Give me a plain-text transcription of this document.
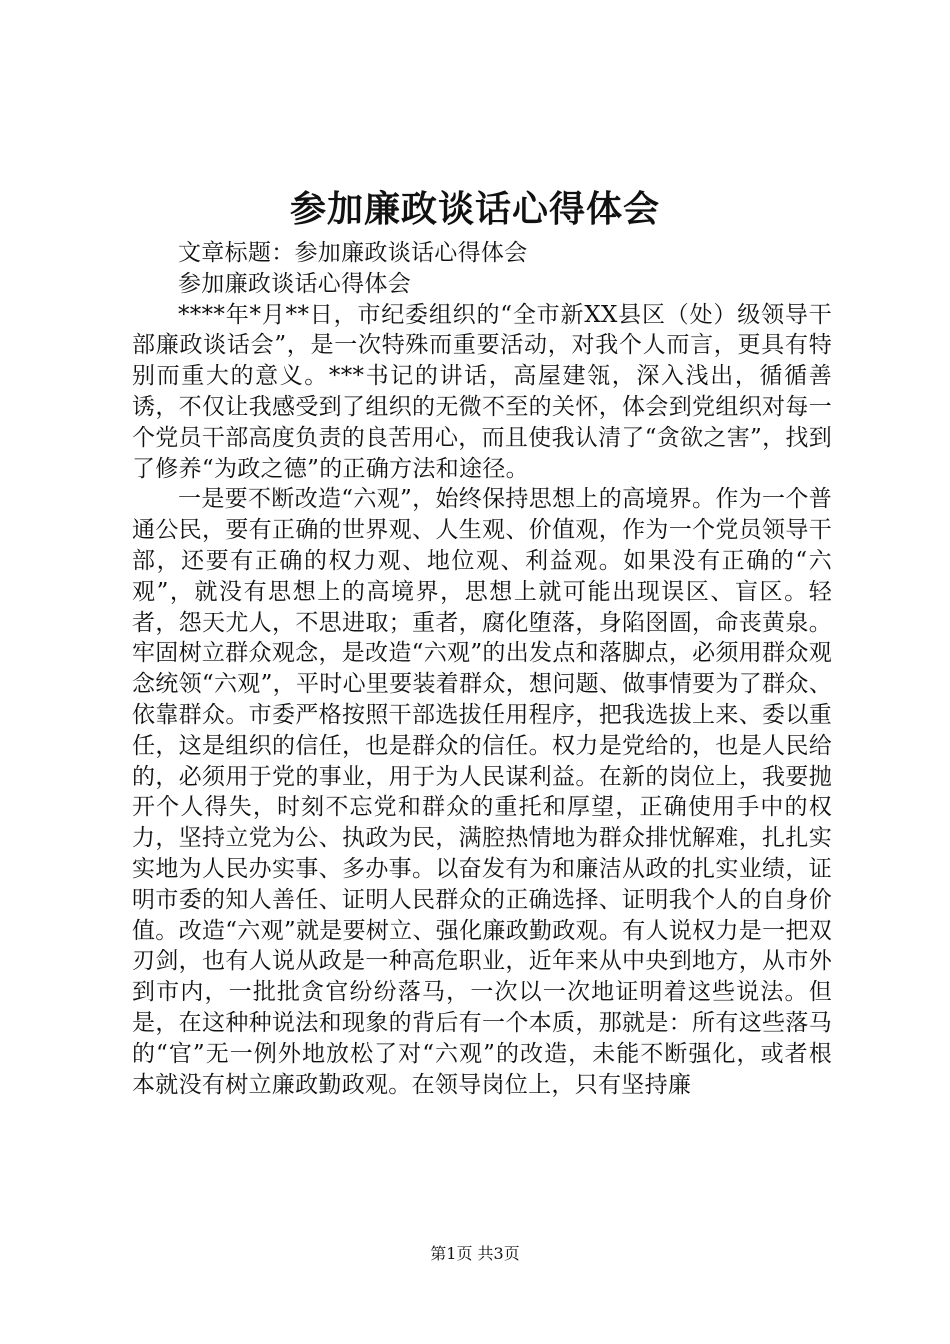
参加廉政谈话心得体会

文章标题：参加廉政谈话心得体会

参加廉政谈话心得体会

****年*月**日，市纪委组织的“全市新XX县区（处）级领导干部廉政谈话会”，是一次特殊而重要活动，对我个人而言，更具有特别而重大的意义。***书记的讲话，高屋建瓴，深入浅出，循循善诱，不仅让我感受到了组织的无微不至的关怀，体会到党组织对每一个党员干部高度负责的良苦用心，而且使我认清了“贪欲之害”，找到了修养“为政之德”的正确方法和途径。

一是要不断改造“六观”，始终保持思想上的高境界。作为一个普通公民，要有正确的世界观、人生观、价值观，作为一个党员领导干部，还要有正确的权力观、地位观、利益观。如果没有正确的“六观”，就没有思想上的高境界，思想上就可能出现误区、盲区。轻者，怨天尤人，不思进取；重者，腐化堕落，身陷囹圄，命丧黄泉。牢固树立群众观念，是改造“六观”的出发点和落脚点，必须用群众观念统领“六观”，平时心里要装着群众，想问题、做事情要为了群众、依靠群众。市委严格按照干部选拔任用程序，把我选拔上来、委以重任，这是组织的信任，也是群众的信任。权力是党给的，也是人民给的，必须用于党的事业，用于为人民谋利益。在新的岗位上，我要抛开个人得失，时刻不忘党和群众的重托和厚望，正确使用手中的权力，坚持立党为公、执政为民，满腔热情地为群众排忧解难，扎扎实实地为人民办实事、多办事。以奋发有为和廉洁从政的扎实业绩，证明市委的知人善任、证明人民群众的正确选择、证明我个人的自身价值。改造“六观”就是要树立、强化廉政勤政观。有人说权力是一把双刃剑，也有人说从政是一种高危职业，近年来从中央到地方，从市外到市内，一批批贪官纷纷落马，一次以一次地证明着这些说法。但是，在这种种说法和现象的背后有一个本质，那就是：所有这些落马的“官”无一例外地放松了对“六观”的改造，未能不断强化，或者根本就没有树立廉政勤政观。在领导岗位上，只有坚持廉

第1页 共3页
